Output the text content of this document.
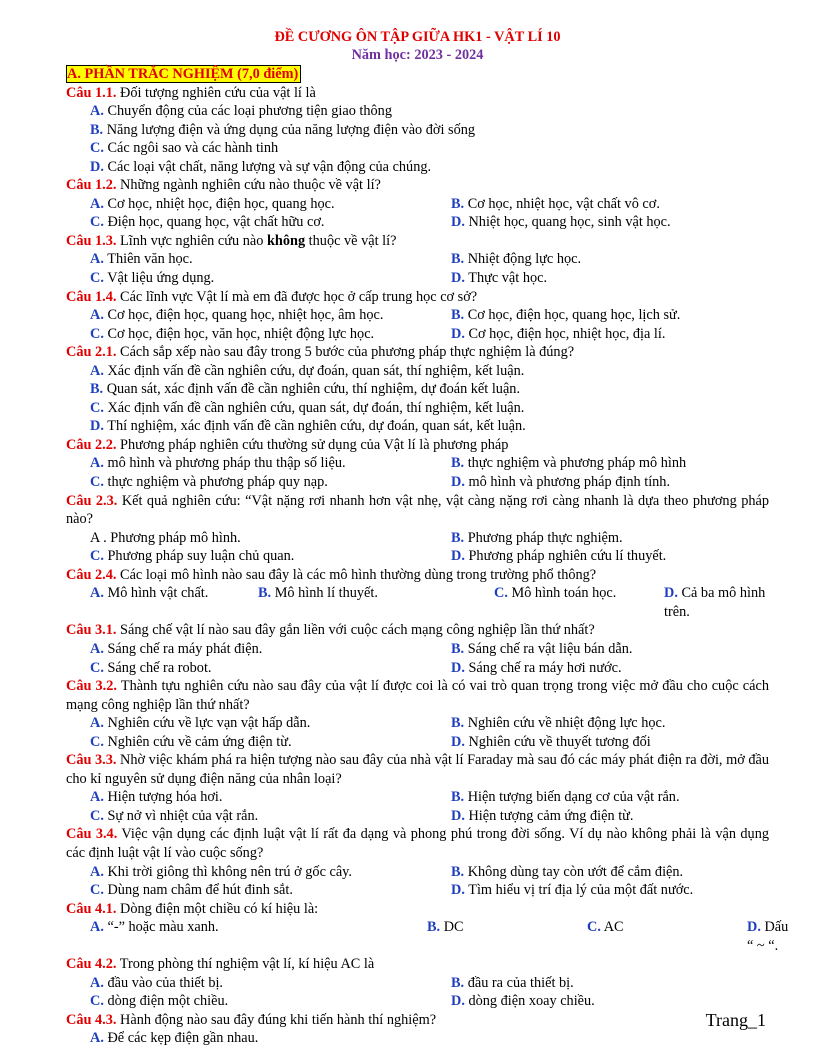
ĐỀ CƯƠNG ÔN TẬP GIỮA HK1 - VẬT LÍ 10
Năm học: 2023 - 2024
A. PHẦN TRẮC NGHIỆM (7,0 điểm)
Câu 1.1. Đối tượng nghiên cứu của vật lí là
A. Chuyển động của các loại phương tiện giao thông
B. Năng lượng điện và ứng dụng của năng lượng điện vào đời sống
C. Các ngôi sao và các hành tinh
D. Các loại vật chất, năng lượng và sự vận động của chúng.
Câu 1.2. Những ngành nghiên cứu nào thuộc về vật lí?
A. Cơ học, nhiệt học, điện học, quang học.	B. Cơ học, nhiệt học, vật chất vô cơ.
C. Điện học, quang học, vật chất hữu cơ.	D. Nhiệt học, quang học, sinh vật học.
Câu 1.3. Lĩnh vực nghiên cứu nào không thuộc về vật lí?
A. Thiên văn học.	B. Nhiệt động lực học.
C. Vật liệu ứng dụng.	D. Thực vật học.
Câu 1.4. Các lĩnh vực Vật lí mà em đã được học ở cấp trung học cơ sở?
A. Cơ học, điện học, quang học, nhiệt học, âm học.	B. Cơ học, điện học, quang học, lịch sử.
C. Cơ học, điện học, văn học, nhiệt động lực học.	D. Cơ học, điện học, nhiệt học, địa lí.
Câu 2.1. Cách sắp xếp nào sau đây trong 5 bước của phương pháp thực nghiệm là đúng?
A. Xác định vấn đề cần nghiên cứu, dự đoán, quan sát, thí nghiệm, kết luận.
B. Quan sát, xác định vấn đề cần nghiên cứu, thí nghiệm, dự đoán kết luận.
C. Xác định vấn đề cần nghiên cứu, quan sát, dự đoán, thí nghiệm, kết luận.
D. Thí nghiệm, xác định vấn đề cần nghiên cứu, dự đoán, quan sát, kết luận.
Câu 2.2. Phương pháp nghiên cứu thường sử dụng của Vật lí là phương pháp
A. mô hình và phương pháp thu thập số liệu.	B. thực nghiệm và phương pháp mô hình
C. thực nghiệm và phương pháp quy nạp.	D. mô hình và phương pháp định tính.
Câu 2.3. Kết quả nghiên cứu: “Vật nặng rơi nhanh hơn vật nhẹ, vật càng nặng rơi càng nhanh là dựa theo phương pháp nào?
A . Phương pháp mô hình.	B. Phương pháp thực nghiệm.
C. Phương pháp suy luận chủ quan.	D. Phương pháp nghiên cứu lí thuyết.
Câu 2.4. Các loại mô hình nào sau đây là các mô hình thường dùng trong trường phổ thông?
A. Mô hình vật chất.	B. Mô hình lí thuyết.	C. Mô hình toán học.	D. Cả ba mô hình trên.
Câu 3.1. Sáng chế vật lí nào sau đây gắn liền với cuộc cách mạng công nghiệp lần thứ nhất?
A. Sáng chế ra máy phát điện.	B. Sáng chế ra vật liệu bán dẫn.
C. Sáng chế ra robot.	D. Sáng chế ra máy hơi nước.
Câu 3.2. Thành tựu nghiên cứu nào sau đây của vật lí được coi là có vai trò quan trọng trong việc mở đầu cho cuộc cách mạng công nghiệp lần thứ nhất?
A. Nghiên cứu về lực vạn vật hấp dẫn.	B. Nghiên cứu về nhiệt động lực học.
C. Nghiên cứu về cảm ứng điện từ.	D. Nghiên cứu về thuyết tương đối
Câu 3.3. Nhờ việc khám phá ra hiện tượng nào sau đây của nhà vật lí Faraday mà sau đó các máy phát điện ra đời, mở đầu cho kỉ nguyên sử dụng điện năng của nhân loại?
A. Hiện tượng hóa hơi.	B. Hiện tượng biến dạng cơ của vật rắn.
C. Sự nở vì nhiệt của vật rắn.	D. Hiện tượng cảm ứng điện từ.
Câu 3.4. Việc vận dụng các định luật vật lí rất đa dạng và phong phú trong đời sống. Ví dụ nào không phải là vận dụng các định luật vật lí vào cuộc sống?
A. Khi trời giông thì không nên trú ở gốc cây.	B. Không dùng tay còn ướt để cắm điện.
C. Dùng nam châm để hút đinh sắt.	D. Tìm hiểu vị trí địa lý của một đất nước.
Câu 4.1. Dòng điện một chiều có kí hiệu là:
A. “-” hoặc màu xanh.	B. DC	C. AC	D. Dấu “ ~ “.
Câu 4.2. Trong phòng thí nghiệm vật lí, kí hiệu AC là
A. đầu vào của thiết bị.	B. đầu ra của thiết bị.
C. dòng điện một chiều.	D. dòng điện xoay chiều.
Câu 4.3. Hành động nào sau đây đúng khi tiến hành thí nghiệm?
A. Để các kẹp điện gần nhau.
Trang_1
